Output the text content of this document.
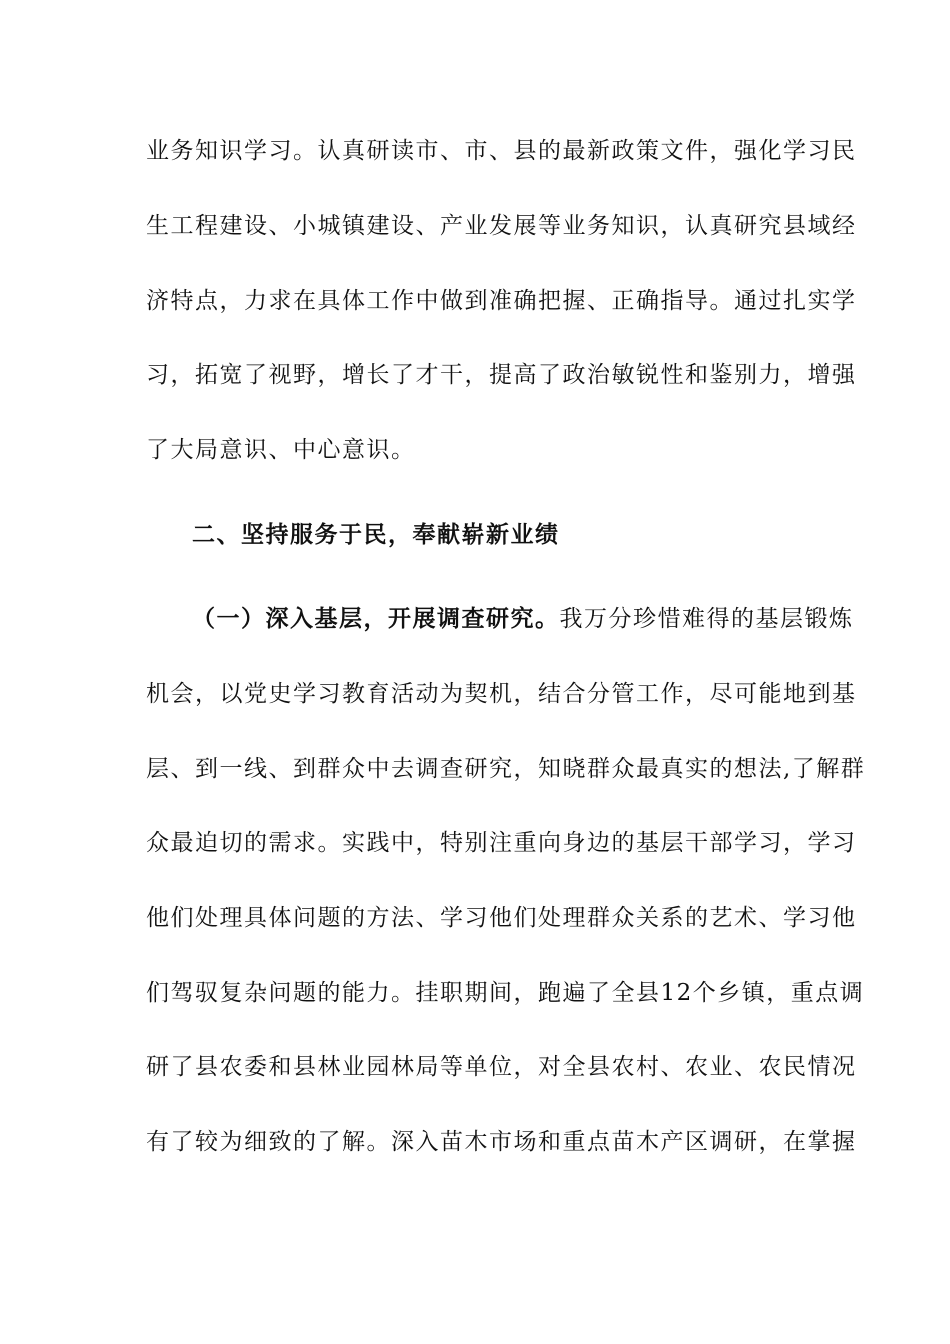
业务知识学习。认真研读市、市、县的最新政策文件，强化学习民
生工程建设、小城镇建设、产业发展等业务知识，认真研究县域经
济特点，力求在具体工作中做到准确把握、正确指导。通过扎实学
习，拓宽了视野，增长了才干，提高了政治敏锐性和鉴别力，增强
了大局意识、中心意识。
二、坚持服务于民，奉献崭新业绩
（一）深入基层，开展调查研究。我万分珍惜难得的基层锻炼
机会，以党史学习教育活动为契机，结合分管工作，尽可能地到基
层、到一线、到群众中去调查研究，知晓群众最真实的想法,了解群
众最迫切的需求。实践中，特别注重向身边的基层干部学习，学习
他们处理具体问题的方法、学习他们处理群众关系的艺术、学习他
们驾驭复杂问题的能力。挂职期间，跑遍了全县12个乡镇，重点调
研了县农委和县林业园林局等单位，对全县农村、农业、农民情况
有了较为细致的了解。深入苗木市场和重点苗木产区调研，在掌握
